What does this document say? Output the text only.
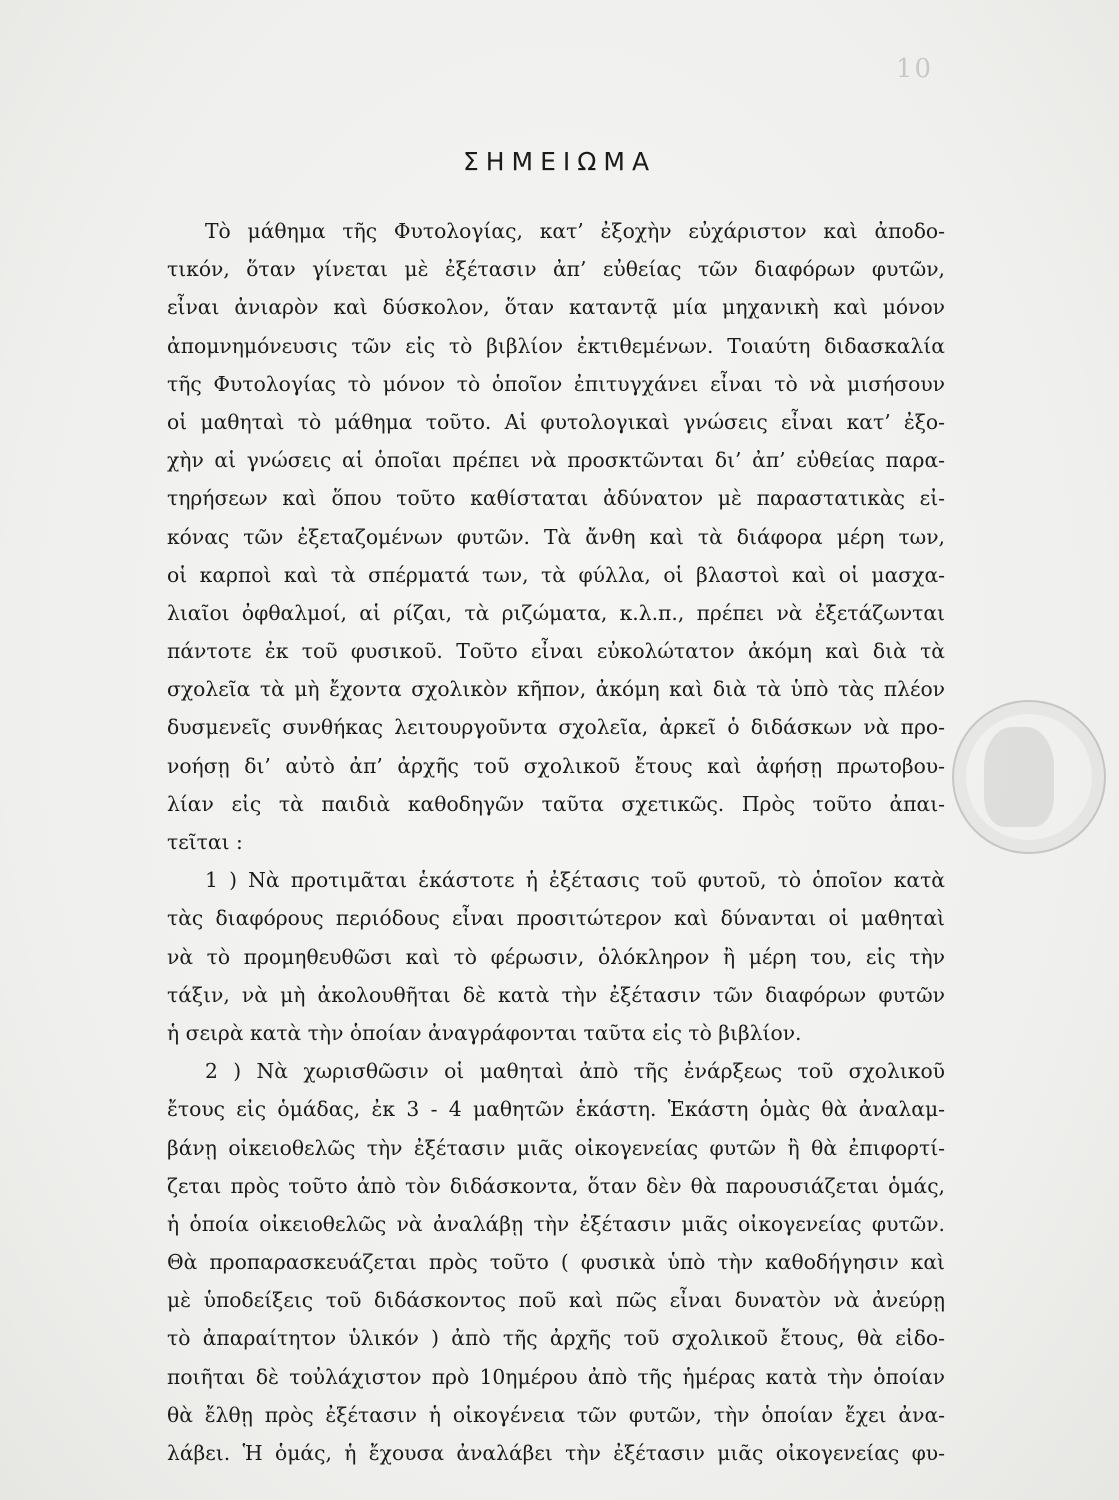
10
ΣΗΜΕΙΩΜΑ
Τὸ μάθημα τῆς Φυτολογίας, κατ’ ἐξοχὴν εὐχάριστον καὶ ἀποδο-
τικόν, ὅταν γίνεται μὲ ἐξέτασιν ἀπ’ εὐθείας τῶν διαφόρων φυτῶν,
εἶναι ἀνιαρὸν καὶ δύσκολον, ὅταν καταντᾷ μία μηχανικὴ καὶ μόνον
ἀπομνημόνευσις τῶν εἰς τὸ βιβλίον ἐκτιθεμένων. Τοιαύτη διδασκαλία
τῆς Φυτολογίας τὸ μόνον τὸ ὁποῖον ἐπιτυγχάνει εἶναι τὸ νὰ μισήσουν
οἱ μαθηταὶ τὸ μάθημα τοῦτο. Αἱ φυτολογικαὶ γνώσεις εἶναι κατ’ ἐξο-
χὴν αἱ γνώσεις αἱ ὁποῖαι πρέπει νὰ προσκτῶνται δι’ ἀπ’ εὐθείας παρα-
τηρήσεων καὶ ὅπου τοῦτο καθίσταται ἀδύνατον μὲ παραστατικὰς εἰ-
κόνας τῶν ἐξεταζομένων φυτῶν. Τὰ ἄνθη καὶ τὰ διάφορα μέρη των,
οἱ καρποὶ καὶ τὰ σπέρματά των, τὰ φύλλα, οἱ βλαστοὶ καὶ οἱ μασχα-
λιαῖοι ὀφθαλμοί, αἱ ρίζαι, τὰ ριζώματα, κ.λ.π., πρέπει νὰ ἐξετάζωνται
πάντοτε ἐκ τοῦ φυσικοῦ. Τοῦτο εἶναι εὐκολώτατον ἀκόμη καὶ διὰ τὰ
σχολεῖα τὰ μὴ ἔχοντα σχολικὸν κῆπον, ἀκόμη καὶ διὰ τὰ ὑπὸ τὰς πλέον
δυσμενεῖς συνθήκας λειτουργοῦντα σχολεῖα, ἀρκεῖ ὁ διδάσκων νὰ προ-
νοήσῃ δι’ αὐτὸ ἀπ’ ἀρχῆς τοῦ σχολικοῦ ἔτους καὶ ἀφήσῃ πρωτοβου-
λίαν εἰς τὰ παιδιὰ καθοδηγῶν ταῦτα σχετικῶς. Πρὸς τοῦτο ἀπαι-
τεῖται :
1 ) Νὰ προτιμᾶται ἑκάστοτε ἡ ἐξέτασις τοῦ φυτοῦ, τὸ ὁποῖον κατὰ
τὰς διαφόρους περιόδους εἶναι προσιτώτερον καὶ δύνανται οἱ μαθηταὶ
νὰ τὸ προμηθευθῶσι καὶ τὸ φέρωσιν, ὁλόκληρον ἢ μέρη του, εἰς τὴν
τάξιν, νὰ μὴ ἀκολουθῆται δὲ κατὰ τὴν ἐξέτασιν τῶν διαφόρων φυτῶν
ἡ σειρὰ κατὰ τὴν ὁποίαν ἀναγράφονται ταῦτα εἰς τὸ βιβλίον.
2 ) Νὰ χωρισθῶσιν οἱ μαθηταὶ ἀπὸ τῆς ἐνάρξεως τοῦ σχολικοῦ
ἔτους εἰς ὁμάδας, ἐκ 3 - 4 μαθητῶν ἑκάστη. Ἑκάστη ὁμὰς θὰ ἀναλαμ-
βάνῃ οἰκειοθελῶς τὴν ἐξέτασιν μιᾶς οἰκογενείας φυτῶν ἢ θὰ ἐπιφορτί-
ζεται πρὸς τοῦτο ἀπὸ τὸν διδάσκοντα, ὅταν δὲν θὰ παρουσιάζεται ὁμάς,
ἡ ὁποία οἰκειοθελῶς νὰ ἀναλάβῃ τὴν ἐξέτασιν μιᾶς οἰκογενείας φυτῶν.
Θὰ προπαρασκευάζεται πρὸς τοῦτο ( φυσικὰ ὑπὸ τὴν καθοδήγησιν καὶ
μὲ ὑποδείξεις τοῦ διδάσκοντος ποῦ καὶ πῶς εἶναι δυνατὸν νὰ ἀνεύρῃ
τὸ ἀπαραίτητον ὑλικόν ) ἀπὸ τῆς ἀρχῆς τοῦ σχολικοῦ ἔτους, θὰ εἰδο-
ποιῆται δὲ τοὐλάχιστον πρὸ 10ημέρου ἀπὸ τῆς ἡμέρας κατὰ τὴν ὁποίαν
θὰ ἔλθῃ πρὸς ἐξέτασιν ἡ οἰκογένεια τῶν φυτῶν, τὴν ὁποίαν ἔχει ἀνα-
λάβει. Ἡ ὁμάς, ἡ ἔχουσα ἀναλάβει τὴν ἐξέτασιν μιᾶς οἰκογενείας φυ-
